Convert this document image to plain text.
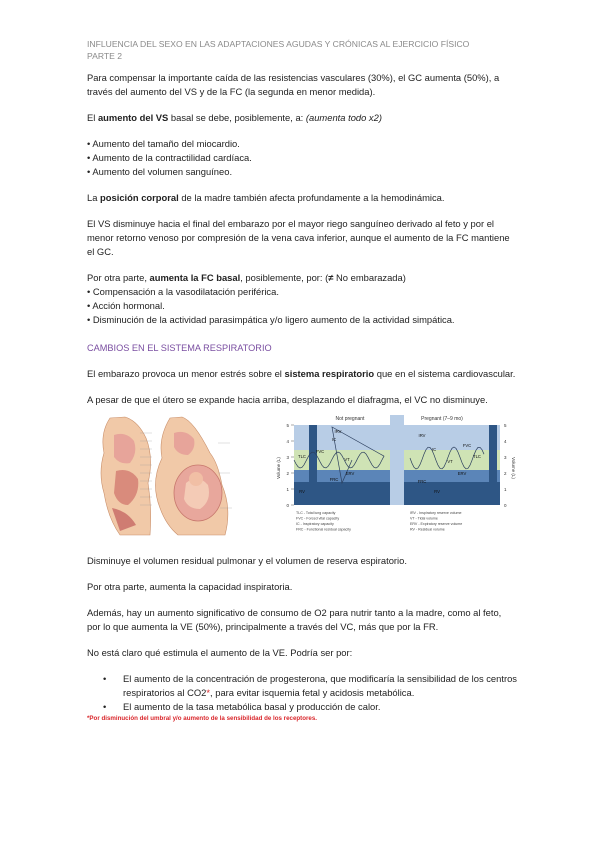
INFLUENCIA DEL SEXO EN LAS ADAPTACIONES AGUDAS Y CRÓNICAS AL EJERCICIO FÍSICO
PARTE 2

Para compensar la importante caída de las resistencias vasculares (30%), el GC aumenta (50%), a través del aumento del VS y de la FC (la segunda en menor medida).

El aumento del VS basal se debe, posiblemente, a: (aumenta todo x2)

• Aumento del tamaño del miocardio.
• Aumento de la contractilidad cardíaca.
• Aumento del volumen sanguíneo.

La posición corporal de la madre también afecta profundamente a la hemodinámica.

El VS disminuye hacia el final del embarazo por el mayor riego sanguíneo derivado al feto y por el menor retorno venoso por compresión de la vena cava inferior, aunque el aumento de la FC mantiene el GC.

Por otra parte, aumenta la FC basal, posiblemente, por: (≠ No embarazada)

• Compensación a la vasodilatación periférica.
• Acción hormonal.
• Disminución de la actividad parasimpática y/o ligero aumento de la actividad simpática.

CAMBIOS EN EL SISTEMA RESPIRATORIO

El embarazo provoca un menor estrés sobre el sistema respiratorio que en el sistema cardiovascular.

A pesar de que el útero se expande hacia arriba, desplazando el diafragma, el VC no disminuye.

5	5
4	4
3	3
2	2
1	1
0	0
Volume (L)	Volume (L)
Not pregnant	Pregnant (7–9 mo)
TLC
FVC
IC
VT
ERV
FRC
RV
IRV
IRV
IC
VT
ERV
FRC
RV
TLC
FVC
TLC - Total lung capacity
FVC - Forced vital capacity
IC - Inspiratory capacity
FRC - Functional residual capacity
IRV - Inspiratory reserve volume
VT - Tidal volume
ERV - Expiratory reserve volume
RV - Residual volume

Disminuye el volumen residual pulmonar y el volumen de reserva espiratorio.

Por otra parte, aumenta la capacidad inspiratoria.

Además, hay un aumento significativo de consumo de O2 para nutrir tanto a la madre, como al feto, por lo que aumenta la VE (50%), principalmente a través del VC, más que por la FR.

No está claro qué estimula el aumento de la VE. Podría ser por:

• El aumento de la concentración de progesterona, que modificaría la sensibilidad de los centros respiratorios al CO2*, para evitar isquemia fetal y acidosis metabólica.
• El aumento de la tasa metabólica basal y producción de calor.

*Por disminución del umbral y/o aumento de la sensibilidad de los receptores.
